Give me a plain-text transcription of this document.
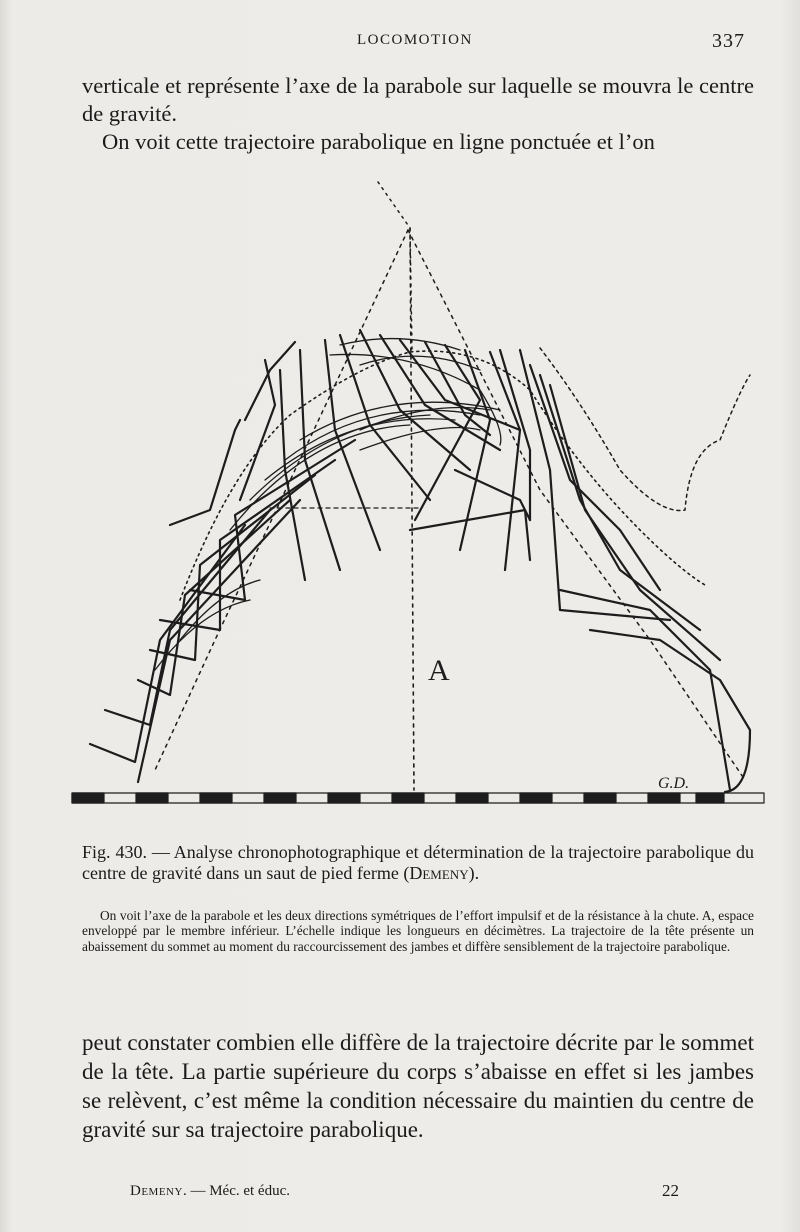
LOCOMOTION	337

verticale et représente l’axe de la parabole sur laquelle se mouvra le centre de gravité.

On voit cette trajectoire parabolique en ligne ponctuée et l’on

A
G.D.

Fig. 430. — Analyse chronophotographique et détermination de la trajectoire parabolique du centre de gravité dans un saut de pied ferme (Demeny).

On voit l’axe de la parabole et les deux directions symétriques de l’effort impulsif et de la résistance à la chute. A, espace enveloppé par le membre inférieur. L’échelle indique les longueurs en décimètres. La trajectoire de la tête présente un abaissement du sommet au moment du raccourcissement des jambes et diffère sensiblement de la trajectoire parabolique.

peut constater combien elle diffère de la trajectoire décrite par le sommet de la tête. La partie supérieure du corps s’abaisse en effet si les jambes se relèvent, c’est même la condition nécessaire du maintien du centre de gravité sur sa trajectoire parabolique.

Demeny. — Méc. et éduc.	22
